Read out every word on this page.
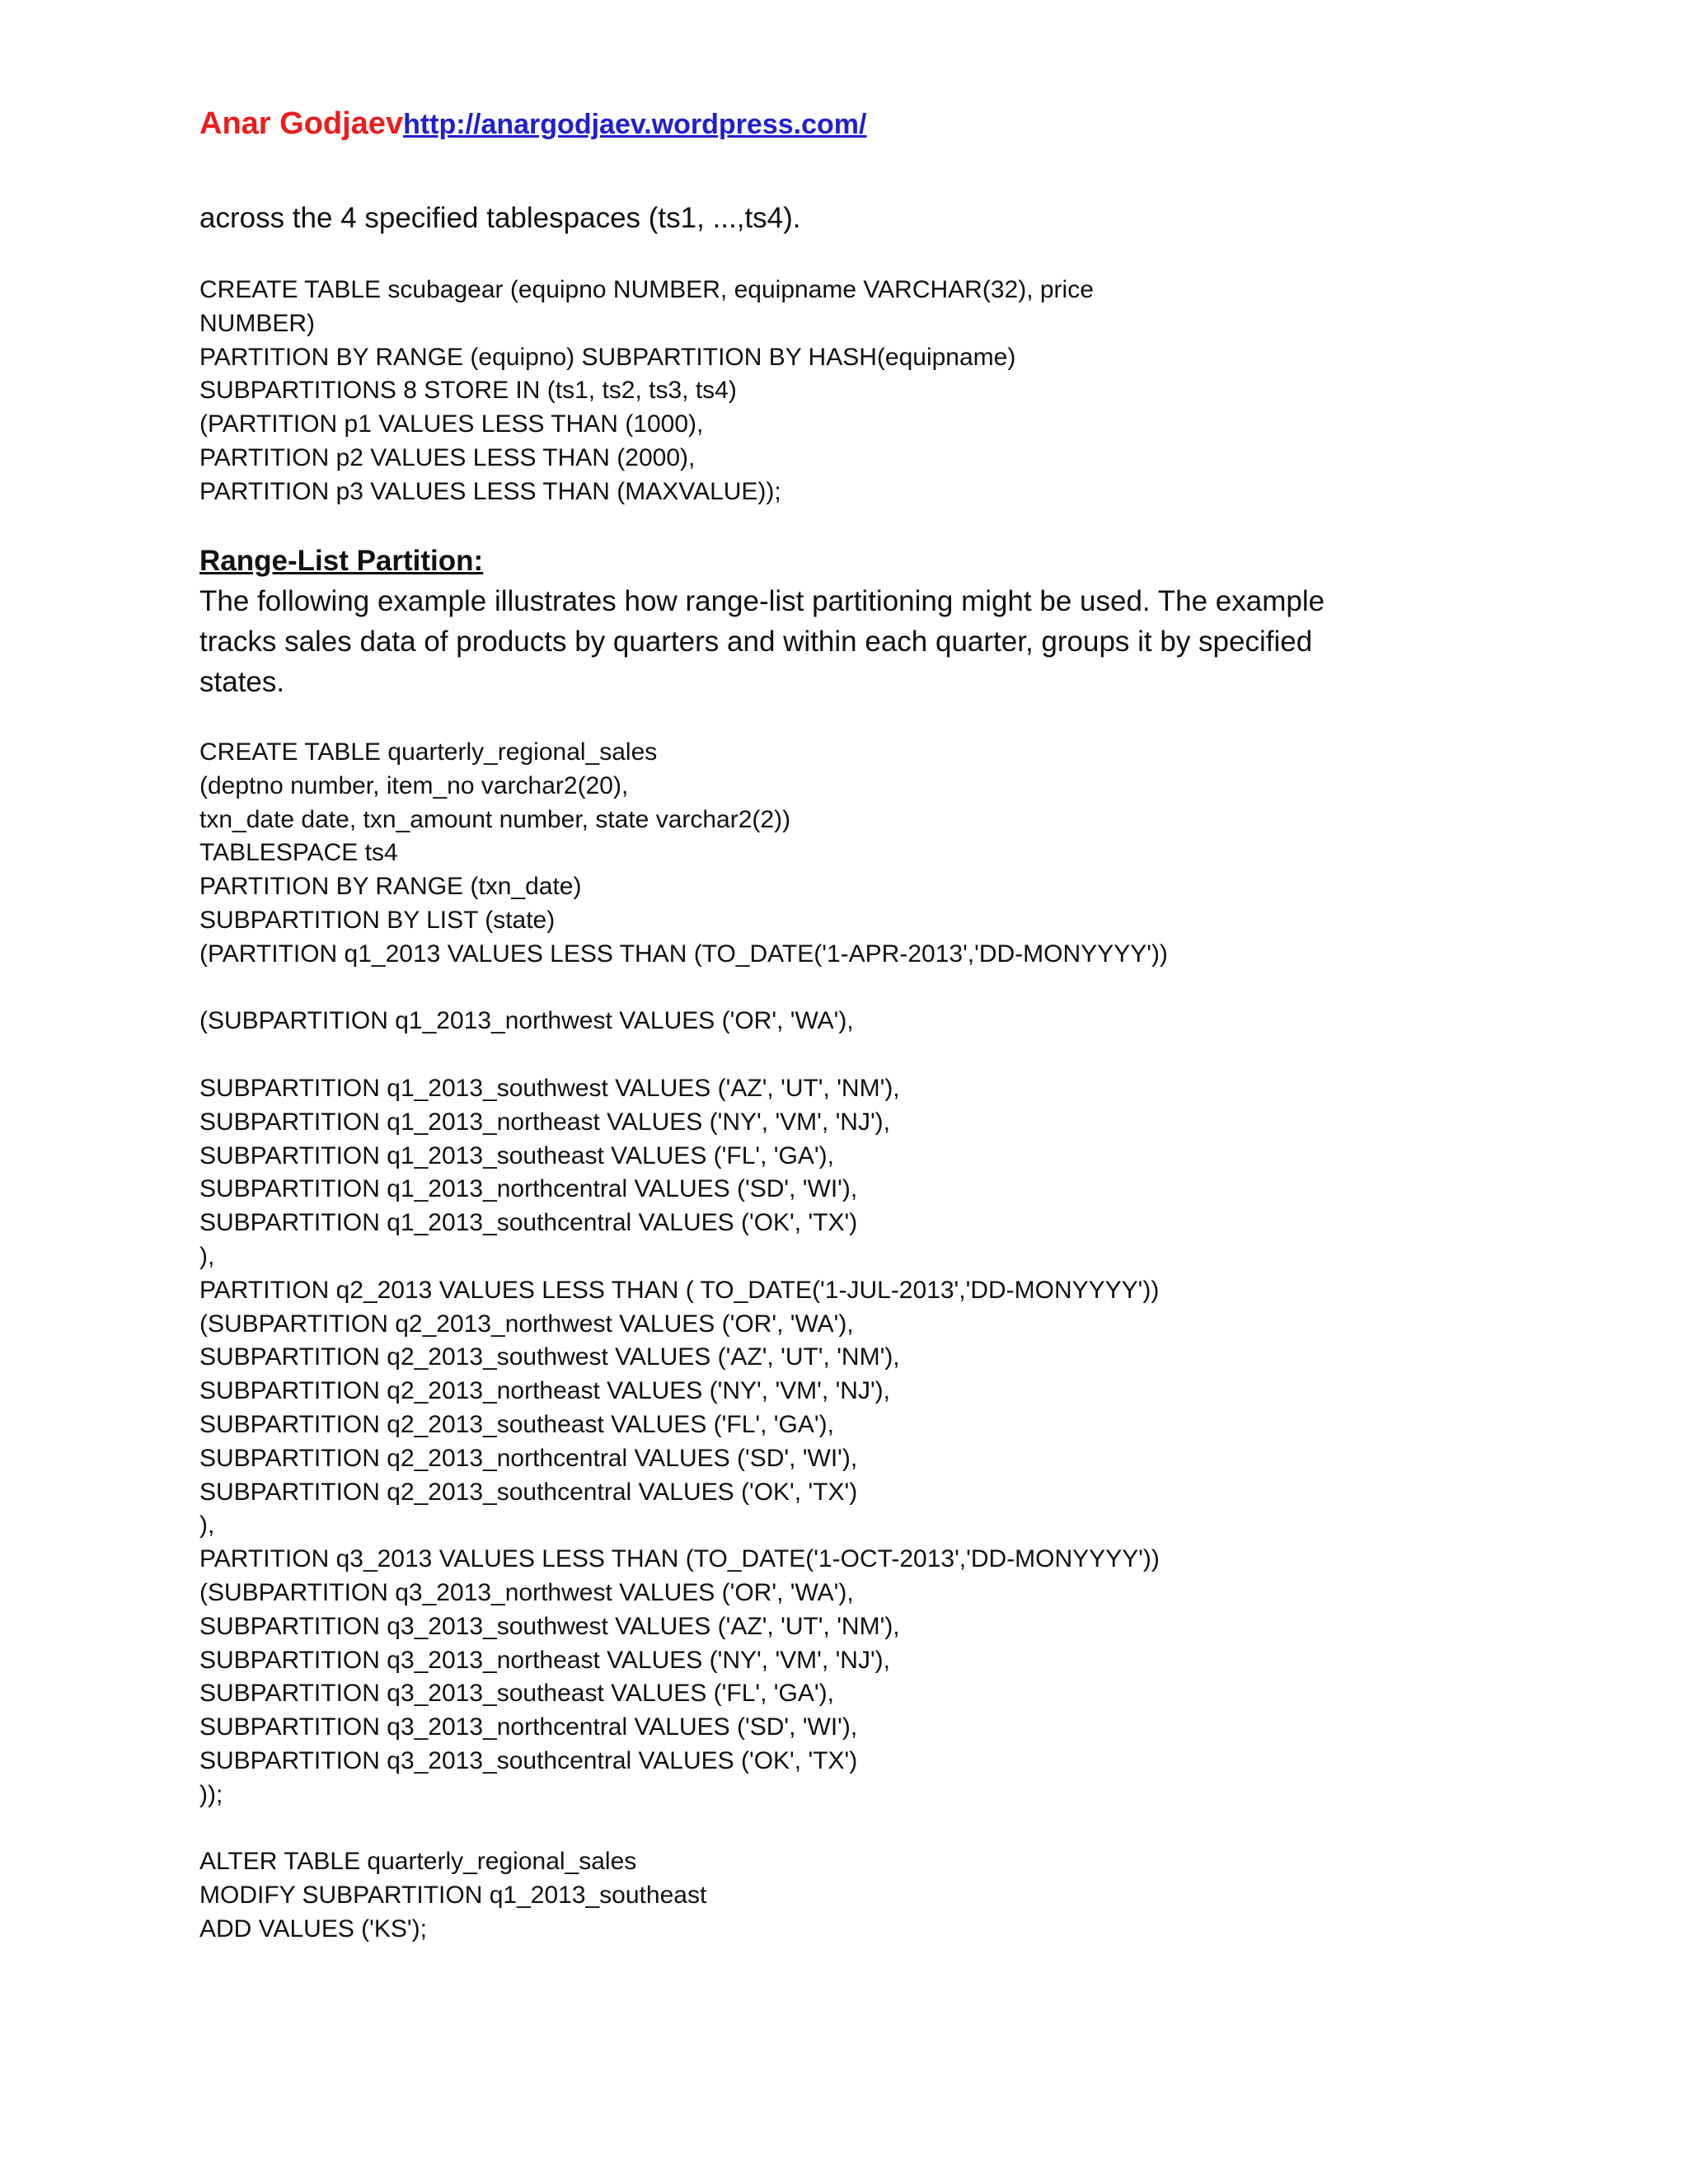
Anar Godjaevhttp://anargodjaev.wordpress.com/
across the 4 specified tablespaces (ts1, ...,ts4).
CREATE TABLE scubagear (equipno NUMBER, equipname VARCHAR(32), price
NUMBER)
PARTITION BY RANGE (equipno) SUBPARTITION BY HASH(equipname)
SUBPARTITIONS 8 STORE IN (ts1, ts2, ts3, ts4)
(PARTITION p1 VALUES LESS THAN (1000),
PARTITION p2 VALUES LESS THAN (2000),
PARTITION p3 VALUES LESS THAN (MAXVALUE));
Range-List Partition:
The following example illustrates how range-list partitioning might be used. The example
tracks sales data of products by quarters and within each quarter, groups it by specified
states.
CREATE TABLE quarterly_regional_sales
(deptno number, item_no varchar2(20),
txn_date date, txn_amount number, state varchar2(2))
TABLESPACE ts4
PARTITION BY RANGE (txn_date)
SUBPARTITION BY LIST (state)
(PARTITION q1_2013 VALUES LESS THAN (TO_DATE('1-APR-2013','DD-MONYYYY'))
(SUBPARTITION q1_2013_northwest VALUES ('OR', 'WA'),
SUBPARTITION q1_2013_southwest VALUES ('AZ', 'UT', 'NM'),
SUBPARTITION q1_2013_northeast VALUES ('NY', 'VM', 'NJ'),
SUBPARTITION q1_2013_southeast VALUES ('FL', 'GA'),
SUBPARTITION q1_2013_northcentral VALUES ('SD', 'WI'),
SUBPARTITION q1_2013_southcentral VALUES ('OK', 'TX')
),
PARTITION q2_2013 VALUES LESS THAN ( TO_DATE('1-JUL-2013','DD-MONYYYY'))
(SUBPARTITION q2_2013_northwest VALUES ('OR', 'WA'),
SUBPARTITION q2_2013_southwest VALUES ('AZ', 'UT', 'NM'),
SUBPARTITION q2_2013_northeast VALUES ('NY', 'VM', 'NJ'),
SUBPARTITION q2_2013_southeast VALUES ('FL', 'GA'),
SUBPARTITION q2_2013_northcentral VALUES ('SD', 'WI'),
SUBPARTITION q2_2013_southcentral VALUES ('OK', 'TX')
),
PARTITION q3_2013 VALUES LESS THAN (TO_DATE('1-OCT-2013','DD-MONYYYY'))
(SUBPARTITION q3_2013_northwest VALUES ('OR', 'WA'),
SUBPARTITION q3_2013_southwest VALUES ('AZ', 'UT', 'NM'),
SUBPARTITION q3_2013_northeast VALUES ('NY', 'VM', 'NJ'),
SUBPARTITION q3_2013_southeast VALUES ('FL', 'GA'),
SUBPARTITION q3_2013_northcentral VALUES ('SD', 'WI'),
SUBPARTITION q3_2013_southcentral VALUES ('OK', 'TX')
));
ALTER TABLE quarterly_regional_sales
MODIFY SUBPARTITION q1_2013_southeast
ADD VALUES ('KS');
